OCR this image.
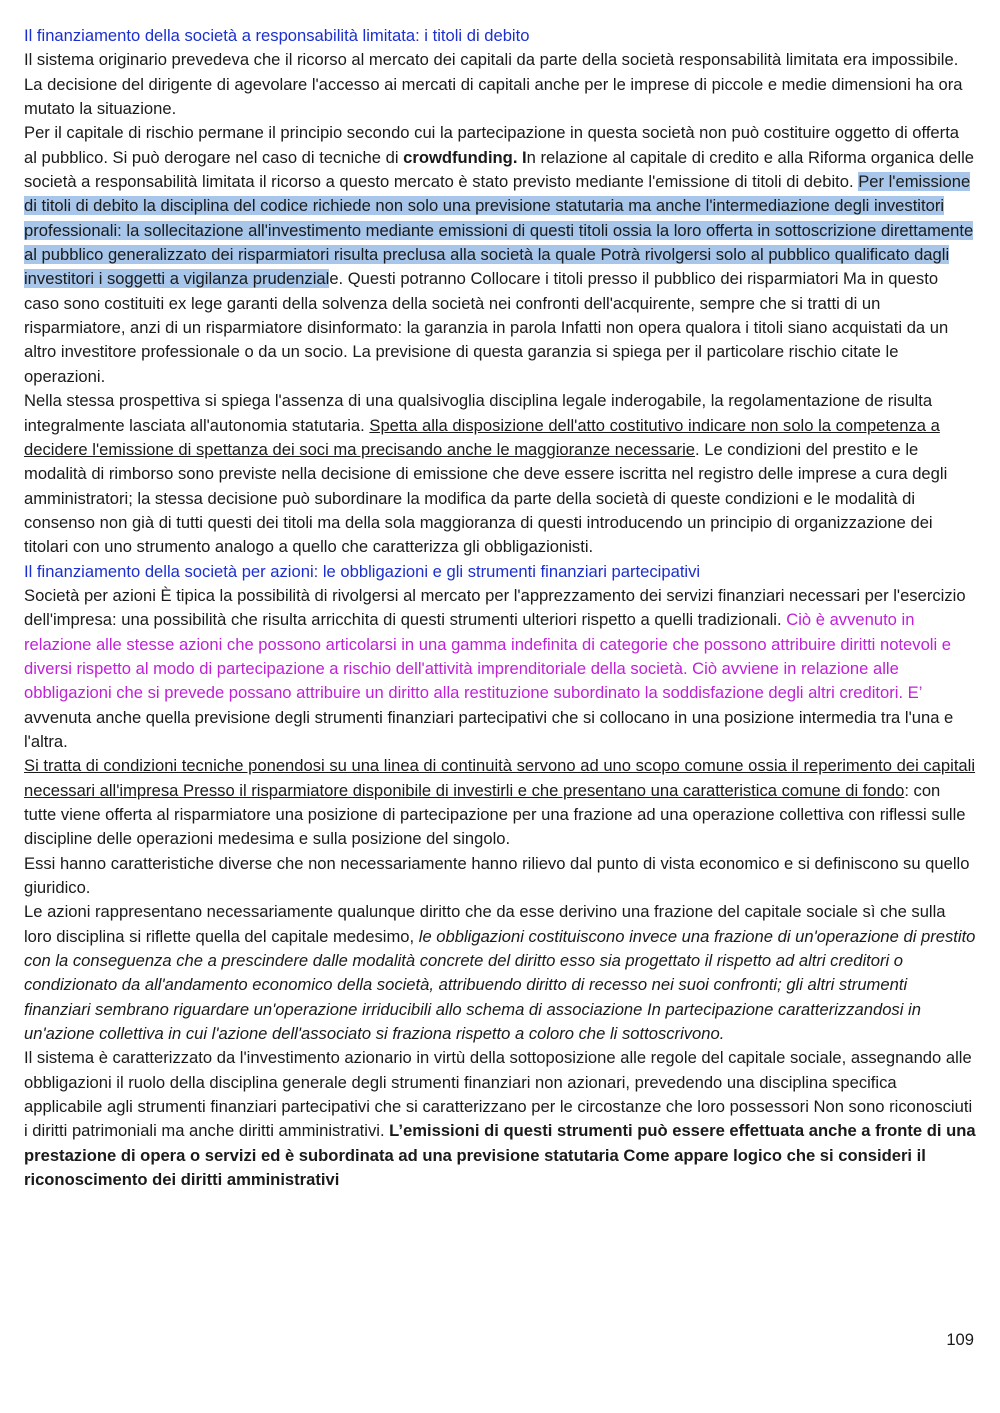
Il finanziamento della società a responsabilità limitata: i titoli di debito

Il sistema originario prevedeva che il ricorso al mercato dei capitali da parte della società responsabilità limitata era impossibile. La decisione del dirigente di agevolare l'accesso ai mercati di capitali anche per le imprese di piccole e medie dimensioni ha ora mutato la situazione.

Per il capitale di rischio permane il principio secondo cui la partecipazione in questa società non può costituire oggetto di offerta al pubblico. Si può derogare nel caso di tecniche di crowdfunding. In relazione al capitale di credito e alla Riforma organica delle società a responsabilità limitata il ricorso a questo mercato è stato previsto mediante l'emissione di titoli di debito. Per l'emissione di titoli di debito la disciplina del codice richiede non solo una previsione statutaria ma anche l'intermediazione degli investitori professionali: la sollecitazione all'investimento mediante emissioni di questi titoli ossia la loro offerta in sottoscrizione direttamente al pubblico generalizzato dei risparmiatori risulta preclusa alla società la quale Potrà rivolgersi solo al pubblico qualificato dagli investitori i soggetti a vigilanza prudenziale. Questi potranno Collocare i titoli presso il pubblico dei risparmiatori Ma in questo caso sono costituiti ex lege garanti della solvenza della società nei confronti dell'acquirente, sempre che si tratti di un risparmiatore, anzi di un risparmiatore disinformato: la garanzia in parola Infatti non opera qualora i titoli siano acquistati da un altro investitore professionale o da un socio. La previsione di questa garanzia si spiega per il particolare rischio citate le operazioni.

Nella stessa prospettiva si spiega l'assenza di una qualsivoglia disciplina legale inderogabile, la regolamentazione de risulta integralmente lasciata all'autonomia statutaria. Spetta alla disposizione dell'atto costitutivo indicare non solo la competenza a decidere l'emissione di spettanza dei soci ma precisando anche le maggioranze necessarie. Le condizioni del prestito e le modalità di rimborso sono previste nella decisione di emissione che deve essere iscritta nel registro delle imprese a cura degli amministratori; la stessa decisione può subordinare la modifica da parte della società di queste condizioni e le modalità di consenso non già di tutti questi dei titoli ma della sola maggioranza di questi introducendo un principio di organizzazione dei titolari con uno strumento analogo a quello che caratterizza gli obbligazionisti.

Il finanziamento della società per azioni: le obbligazioni e gli strumenti finanziari partecipativi

Società per azioni È tipica la possibilità di rivolgersi al mercato per l'apprezzamento dei servizi finanziari necessari per l'esercizio dell'impresa: una possibilità che risulta arricchita di questi strumenti ulteriori rispetto a quelli tradizionali. Ciò è avvenuto in relazione alle stesse azioni che possono articolarsi in una gamma indefinita di categorie che possono attribuire diritti notevoli e diversi rispetto al modo di partecipazione a rischio dell'attività imprenditoriale della società. Ciò avviene in relazione alle obbligazioni che si prevede possano attribuire un diritto alla restituzione subordinato la soddisfazione degli altri creditori. E’ avvenuta anche quella previsione degli strumenti finanziari partecipativi che si collocano in una posizione intermedia tra l'una e l'altra.

Si tratta di condizioni tecniche ponendosi su una linea di continuità servono ad uno scopo comune ossia il reperimento dei capitali necessari all'impresa Presso il risparmiatore disponibile di investirli e che presentano una caratteristica comune di fondo: con tutte viene offerta al risparmiatore una posizione di partecipazione per una frazione ad una operazione collettiva con riflessi sulle discipline delle operazioni medesima e sulla posizione del singolo.

Essi hanno caratteristiche diverse che non necessariamente hanno rilievo dal punto di vista economico e si definiscono su quello giuridico.

Le azioni rappresentano necessariamente qualunque diritto che da esse derivino una frazione del capitale sociale sì che sulla loro disciplina si riflette quella del capitale medesimo, le obbligazioni costituiscono invece una frazione di un'operazione di prestito con la conseguenza che a prescindere dalle modalità concrete del diritto esso sia progettato il rispetto ad altri creditori o condizionato da all'andamento economico della società, attribuendo diritto di recesso nei suoi confronti; gli altri strumenti finanziari sembrano riguardare un'operazione irriducibili allo schema di associazione In partecipazione caratterizzandosi in un'azione collettiva in cui l'azione dell'associato si fraziona rispetto a coloro che li sottoscrivono.

Il sistema è caratterizzato da l'investimento azionario in virtù della sottoposizione alle regole del capitale sociale, assegnando alle obbligazioni il ruolo della disciplina generale degli strumenti finanziari non azionari, prevedendo una disciplina specifica applicabile agli strumenti finanziari partecipativi che si caratterizzano per le circostanze che loro possessori Non sono riconosciuti i diritti patrimoniali ma anche diritti amministrativi. L’emissioni di questi strumenti può essere effettuata anche a fronte di una prestazione di opera o servizi ed è subordinata ad una previsione statutaria Come appare logico che si consideri il riconoscimento dei diritti amministrativi

109
